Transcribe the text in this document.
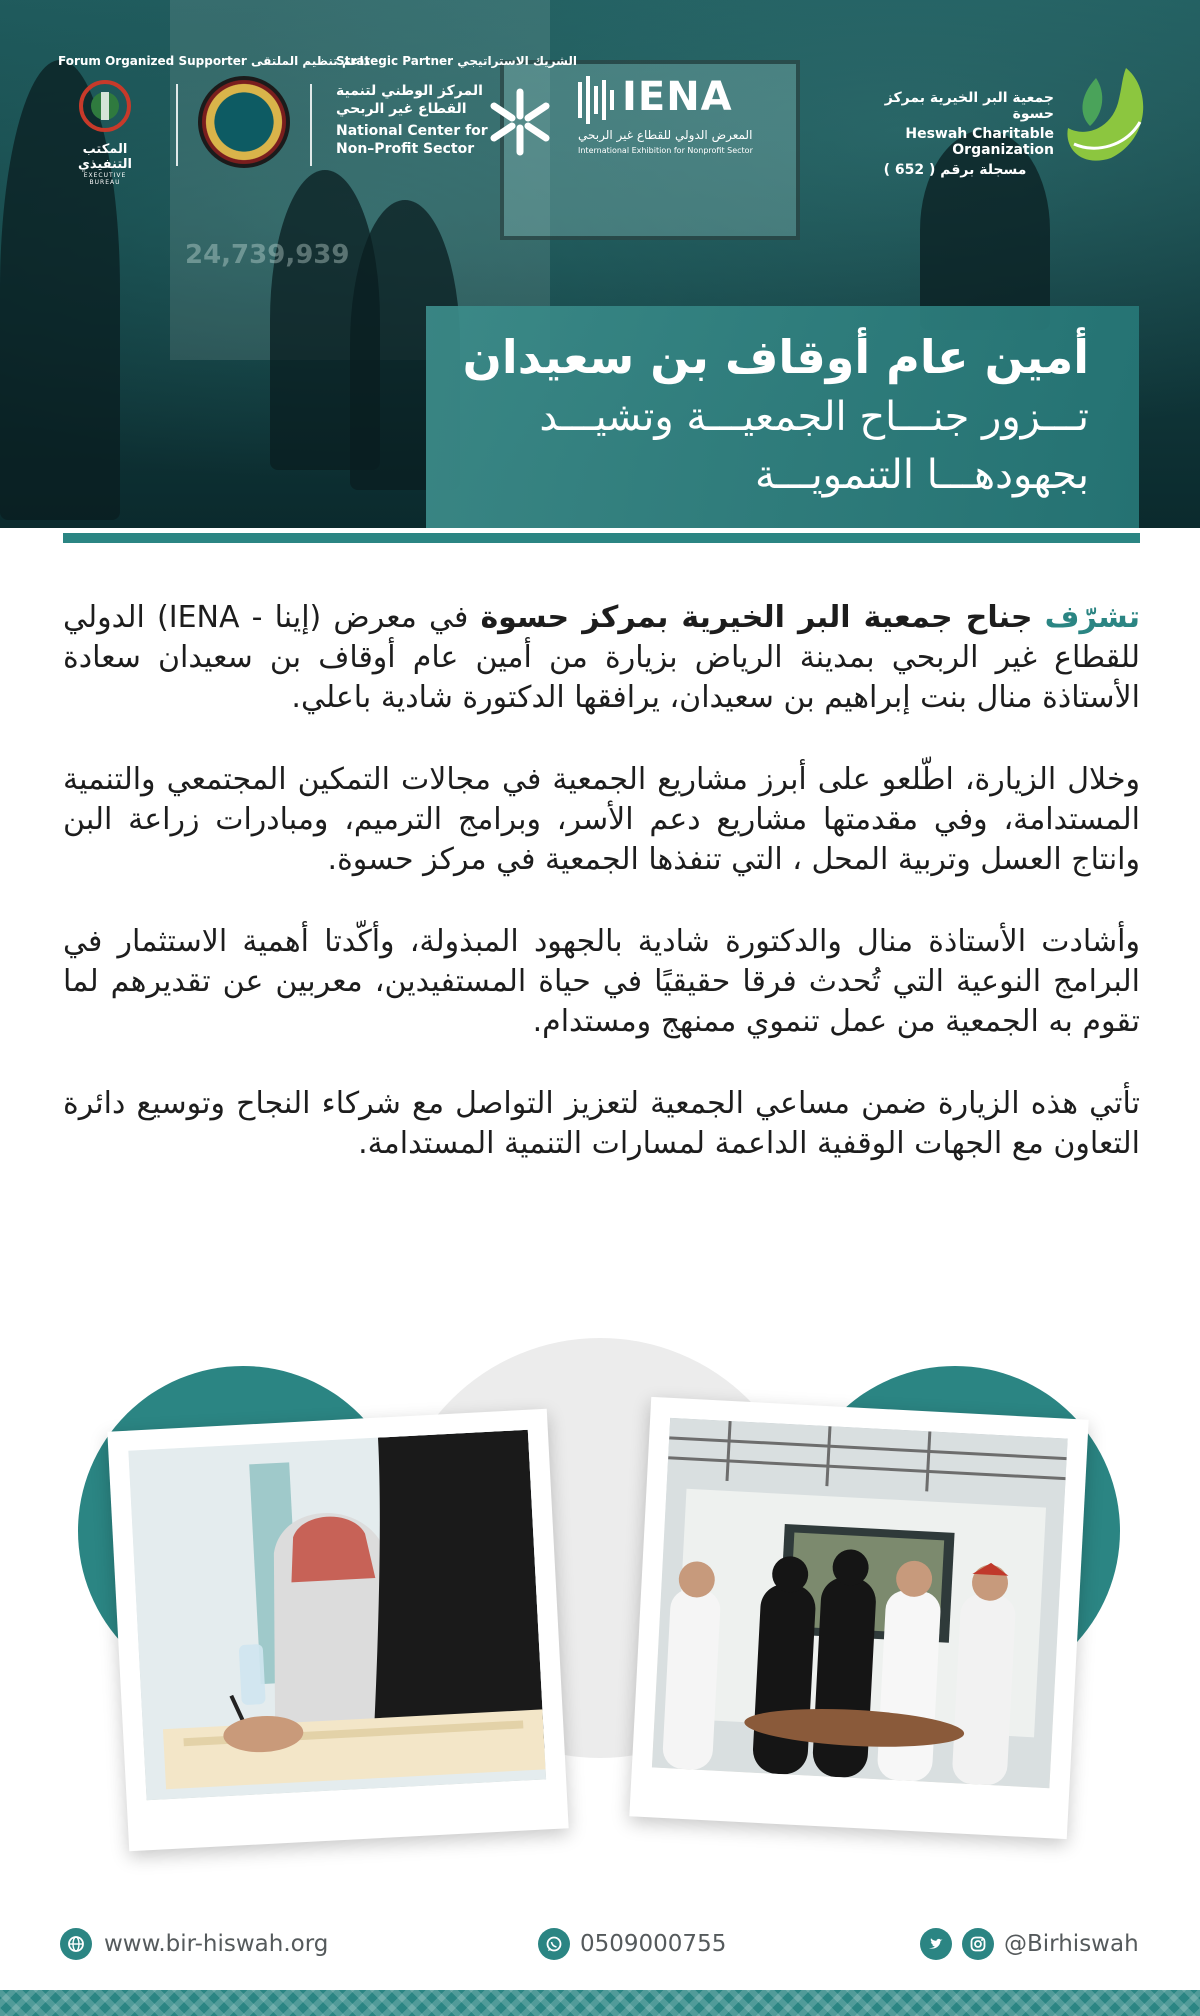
24,739,939
Forum Organized Supporter داعم تنظيم الملتقى
Strategic Partner الشريك الاستراتيجي
المكتب التنفيذي
EXECUTIVE BUREAU
المركز الوطني لتنمية
القطاع غير الربحي
National Center for
Non–Profit Sector
IENA
المعرض الدولي للقطاع غير الربحي
International Exhibition for Nonprofit Sector
جمعية البر الخيرية بمركز حسوة
Heswah Charitable Organization
مسجلة برقم ( 652 )
أمين عام أوقاف بن سعيدان
تـــزور جنـــاح الجمعيـــة وتشيـــد
بجهودهـــا التنمويـــة

تشرّف جناح جمعية البر الخيرية بمركز حسوة في معرض (إينا - IENA) الدولي للقطاع غير الربحي بمدينة الرياض بزيارة من أمين عام أوقاف بن سعيدان سعادة الأستاذة منال بنت إبراهيم بن سعيدان، يرافقها الدكتورة شادية باعلي.

وخلال الزيارة، اطّلعو على أبرز مشاريع الجمعية في مجالات التمكين المجتمعي والتنمية المستدامة، وفي مقدمتها مشاريع دعم الأسر، وبرامج الترميم، ومبادرات زراعة البن وانتاج العسل وتربية المحل ، التي تنفذها الجمعية في مركز حسوة.

وأشادت الأستاذة منال والدكتورة شادية بالجهود المبذولة، وأكّدتا أهمية الاستثمار في البرامج النوعية التي تُحدث فرقا حقيقيًا في حياة المستفيدين، معربين عن تقديرهم لما تقوم به الجمعية من عمل تنموي ممنهج ومستدام.

تأتي هذه الزيارة ضمن مساعي الجمعية لتعزيز التواصل مع شركاء النجاح وتوسيع دائرة التعاون مع الجهات الوقفية الداعمة لمسارات التنمية المستدامة.

www.bir-hiswah.org	0509000755	@Birhiswah
